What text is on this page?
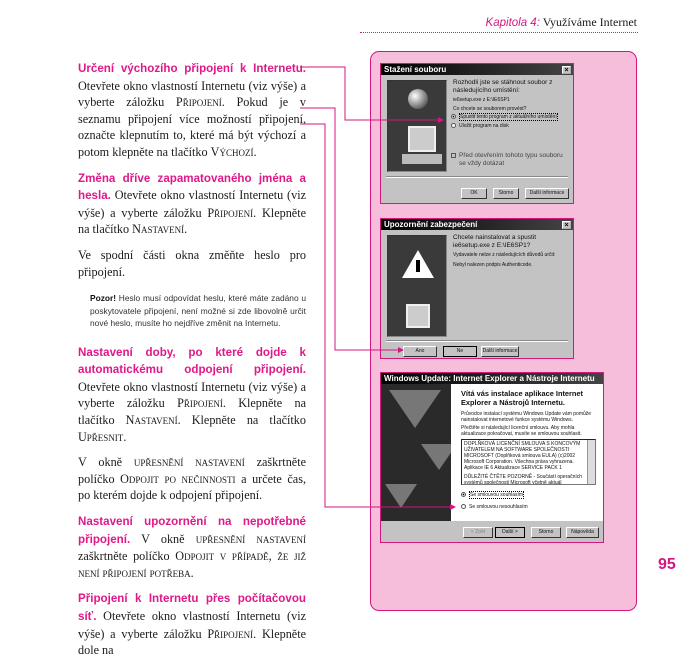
Kapitola 4: Využíváme Internet
95

Určení výchozího připojení k Internetu. Otevřete okno vlastností Internetu (viz výše) a vyberte záložku Připojení. Pokud je v seznamu připojení více možností připojení, označte klepnutím to, které má být výchozí a potom klepněte na tlačítko Výchozí.

Změna dříve zapamatovaného jména a hesla. Otevřete okno vlastností Internetu (viz výše) a vyberte záložku Připojení. Klepněte na tlačítko Nastavení.

Ve spodní části okna změňte heslo pro připojení.

Pozor! Heslo musí odpovídat heslu, které máte zadáno u poskytovatele připojení, není možné si zde libovolně určit nové heslo, musíte ho nejdříve změnit na Internetu.

Nastavení doby, po které dojde k automatickému odpojení připojení. Otevřete okno vlastností Internetu (viz výše) a vyberte záložku Připojení. Klepněte na tlačítko Nastavení. Klepněte na tlačítko Upřesnit.

V okně upřesnění nastavení zaškrtněte políčko Odpojit po nečinnosti a určete čas, po kterém dojde k odpojení připojení.

Nastavení upozornění na nepotřebné připojení. V okně upřesnění nastavení zaškrtněte políčko Odpojit v případě, že již není připojení potřeba.

Připojení k Internetu přes počítačovou síť. Otevřete okno vlastností Internetu (viz výše) a vyberte záložku Připojení. Klepněte dole na

Stažení souboru	×
Rozhodli jste se stáhnout soubor z následujícího umístění:
ie6setup.exe z E:\IE6SP1
Co chcete se souborem provést?
Spustit tento program z aktuálního umístění
Uložit program na disk
Před otevřením tohoto typu souboru se vždy dotázat
OK	Storno	Další informace
Upozornění zabezpečení	×
Chcete nainstalovat a spustit ie6setup.exe z E:\IE6SP1?
Vydavatele nelze z následujících důvodů určit:
Nebyl nalezen podpis Authenticode.
Ano	Ne	Další informace
Windows Update: Internet Explorer a Nástroje Internetu
Vítá vás instalace aplikace Internet Explorer a Nástrojů Internetu.
Průvodce instalací systému Windows Update vám pomůže nainstalovat internetové funkce systému Windows.
Přečtěte si následující licenční smlouvu. Aby mohla aktualizace pokračovat, musíte se smlouvou souhlasit.
DOPLŇKOVÁ LICENČNÍ SMLOUVA S KONCOVÝM UŽIVATELEM NA SOFTWARE SPOLEČNOSTI MICROSOFT (Doplňková smlouva EULA) (c)2002 Microsoft Corporation. Všechna práva vyhrazena. Aplikace IE 6 Aktualizace SERVICE PACK 1
DŮLEŽITÉ ČTĚTE POZORNĚ - Součástí operačních systémů společnosti Microsoft včetně aktuál
Se smlouvou souhlasím
Se smlouvou nesouhlasím
< Zpět	Další >	Storno	Nápověda
